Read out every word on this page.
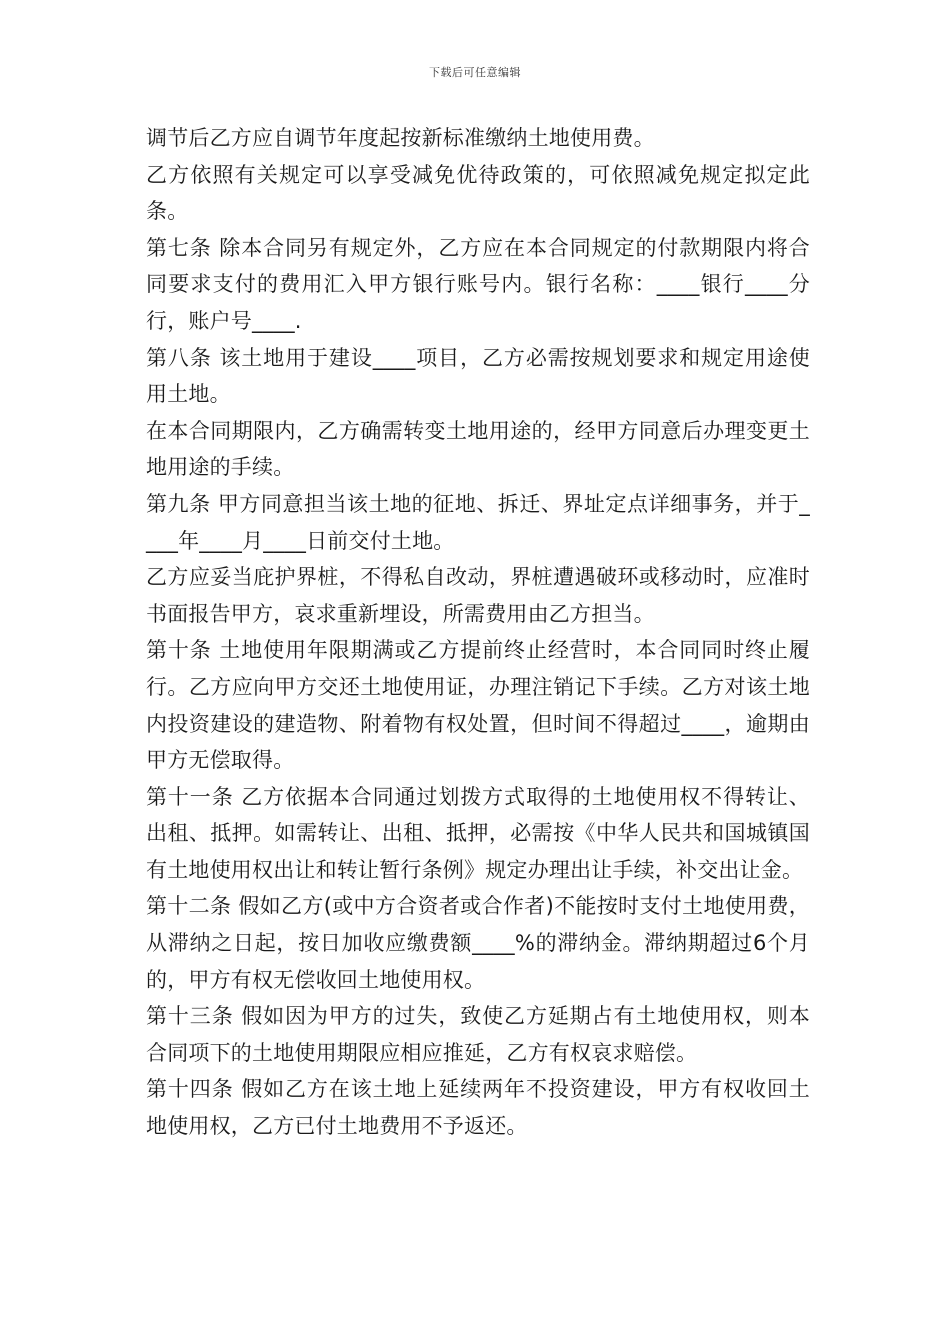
下载后可任意编辑

调节后乙方应自调节年度起按新标准缴纳土地使用费。

乙方依照有关规定可以享受减免优待政策的，可依照减免规定拟定此条。

第七条 除本合同另有规定外，乙方应在本合同规定的付款期限内将合同要求支付的费用汇入甲方银行账号内。银行名称：____银行____分行，账户号____.

第八条 该土地用于建设____项目，乙方必需按规划要求和规定用途使用土地。

在本合同期限内，乙方确需转变土地用途的，经甲方同意后办理变更土地用途的手续。

第九条 甲方同意担当该土地的征地、拆迁、界址定点详细事务，并于____年____月____日前交付土地。

乙方应妥当庇护界桩，不得私自改动，界桩遭遇破环或移动时，应准时书面报告甲方，哀求重新埋设，所需费用由乙方担当。

第十条 土地使用年限期满或乙方提前终止经营时，本合同同时终止履行。乙方应向甲方交还土地使用证，办理注销记下手续。乙方对该土地内投资建设的建造物、附着物有权处置，但时间不得超过____，逾期由甲方无偿取得。

第十一条 乙方依据本合同通过划拨方式取得的土地使用权不得转让、出租、抵押。如需转让、出租、抵押，必需按《中华人民共和国城镇国有土地使用权出让和转让暂行条例》规定办理出让手续，补交出让金。

第十二条 假如乙方(或中方合资者或合作者)不能按时支付土地使用费，从滞纳之日起，按日加收应缴费额____%的滞纳金。滞纳期超过6个月的，甲方有权无偿收回土地使用权。

第十三条 假如因为甲方的过失，致使乙方延期占有土地使用权，则本合同项下的土地使用期限应相应推延，乙方有权哀求赔偿。

第十四条 假如乙方在该土地上延续两年不投资建设，甲方有权收回土地使用权，乙方已付土地费用不予返还。
